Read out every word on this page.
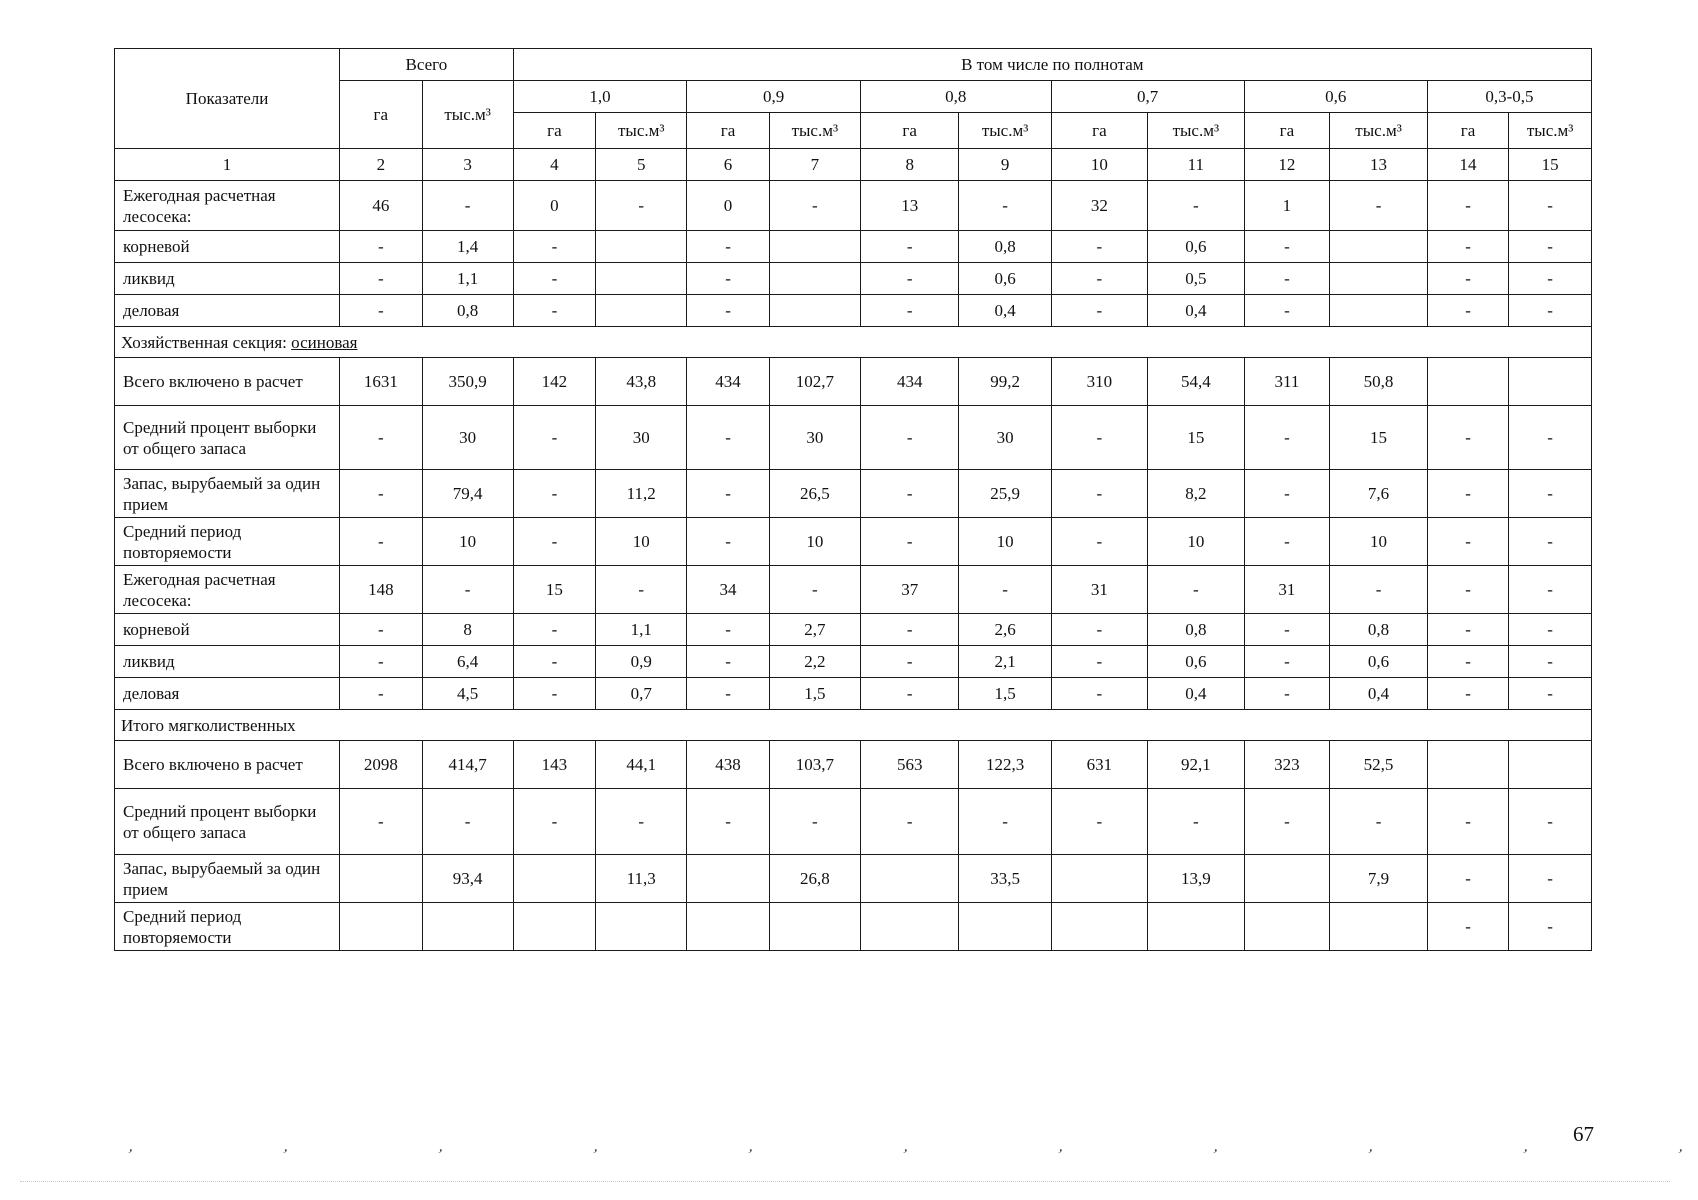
Показатели	Всего		В том числе по полнотам											
	га	тыс.м³	1,0		0,9		0,8		0,7		0,6		0,3-0,5	
			га	тыс.м³	га	тыс.м³	га	тыс.м³	га	тыс.м³	га	тыс.м³	га	тыс.м³
1	2	3	4	5	6	7	8	9	10	11	12	13	14	15
Ежегодная расчетная лесосека:	46	-	0	-	0	-	13	-	32	-	1	-	-	-
корневой	-	1,4	-		-		-	0,8	-	0,6	-		-	-
ликвид	-	1,1	-		-		-	0,6	-	0,5	-		-	-
деловая	-	0,8	-		-		-	0,4	-	0,4	-		-	-
Хозяйственная секция: осиновая														
Всего включено в расчет	1631	350,9	142	43,8	434	102,7	434	99,2	310	54,4	311	50,8		
Средний процент выборки от общего запаса	-	30	-	30	-	30	-	30	-	15	-	15	-	-
Запас, вырубаемый за один прием	-	79,4	-	11,2	-	26,5	-	25,9	-	8,2	-	7,6	-	-
Средний период повторяемости	-	10	-	10	-	10	-	10	-	10	-	10	-	-
Ежегодная расчетная лесосека:	148	-	15	-	34	-	37	-	31	-	31	-	-	-
корневой	-	8	-	1,1	-	2,7	-	2,6	-	0,8	-	0,8	-	-
ликвид	-	6,4	-	0,9	-	2,2	-	2,1	-	0,6	-	0,6	-	-
деловая	-	4,5	-	0,7	-	1,5	-	1,5	-	0,4	-	0,4	-	-
Итого мягколиственных														
Всего включено в расчет	2098	414,7	143	44,1	438	103,7	563	122,3	631	92,1	323	52,5		
Средний процент выборки от общего запаса	-	-	-	-	-	-	-	-	-	-	-	-	-	-
Запас, вырубаемый за один прием		93,4		11,3		26,8		33,5		13,9		7,9	-	-
Средний период повторяемости													-	-
,	,	,	,	,	,	,	,	,	,	,
67
